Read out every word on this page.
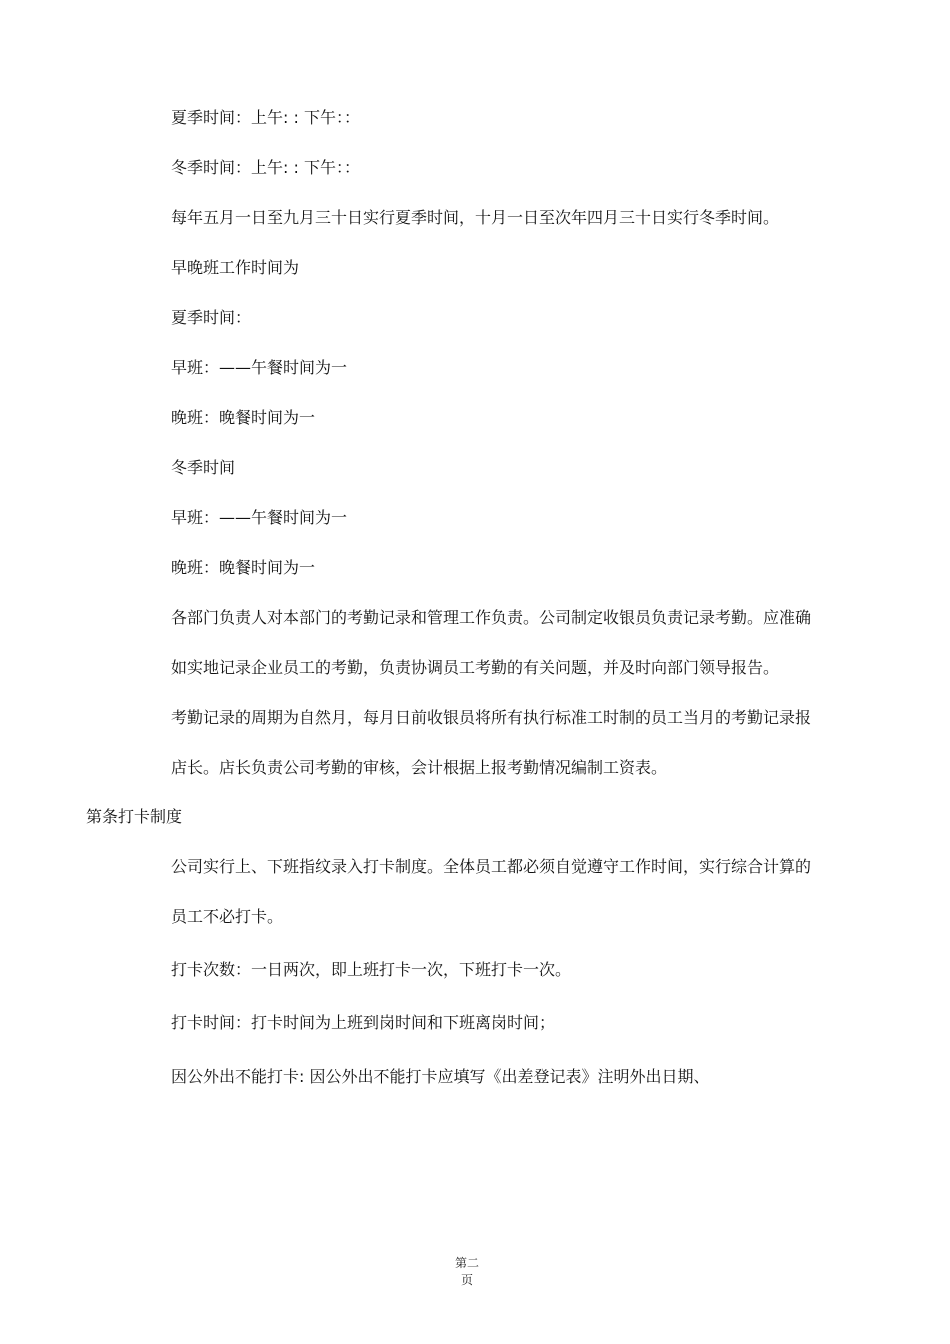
夏季时间：上午: : 下午：：
冬季时间：上午: : 下午：：
每年五月一日至九月三十日实行夏季时间，十月一日至次年四月三十日实行冬季时间。
早晚班工作时间为
夏季时间：
早班：——午餐时间为一
晚班：晚餐时间为一
冬季时间
早班：——午餐时间为一
晚班：晚餐时间为一
各部门负责人对本部门的考勤记录和管理工作负责。公司制定收银员负责记录考勤。应准确
如实地记录企业员工的考勤，负责协调员工考勤的有关问题，并及时向部门领导报告。
考勤记录的周期为自然月，每月日前收银员将所有执行标准工时制的员工当月的考勤记录报
店长。店长负责公司考勤的审核，会计根据上报考勤情况编制工资表。
第条打卡制度
公司实行上、下班指纹录入打卡制度。全体员工都必须自觉遵守工作时间，实行综合计算的
员工不必打卡。
打卡次数：一日两次，即上班打卡一次，下班打卡一次。
打卡时间：打卡时间为上班到岗时间和下班离岗时间；
因公外出不能打卡: 因公外出不能打卡应填写《出差登记表》注明外出日期、
第二
页
